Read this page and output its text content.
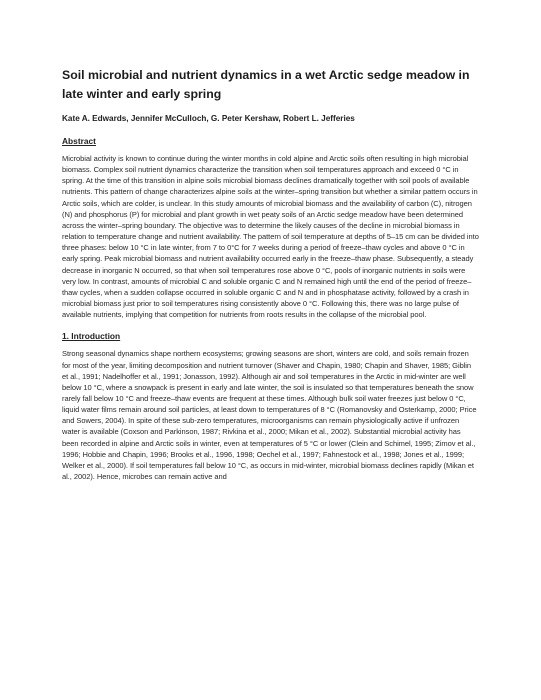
Soil microbial and nutrient dynamics in a wet Arctic sedge meadow in late winter and early spring
Kate A. Edwards, Jennifer McCulloch, G. Peter Kershaw, Robert L. Jefferies
Abstract

Microbial activity is known to continue during the winter months in cold alpine and Arctic soils often resulting in high microbial biomass. Complex soil nutrient dynamics characterize the transition when soil temperatures approach and exceed 0 °C in spring. At the time of this transition in alpine soils microbial biomass declines dramatically together with soil pools of available nutrients. This pattern of change characterizes alpine soils at the winter–spring transition but whether a similar pattern occurs in Arctic soils, which are colder, is unclear. In this study amounts of microbial biomass and the availability of carbon (C), nitrogen (N) and phosphorus (P) for microbial and plant growth in wet peaty soils of an Arctic sedge meadow have been determined across the winter–spring boundary. The objective was to determine the likely causes of the decline in microbial biomass in relation to temperature change and nutrient availability. The pattern of soil temperature at depths of 5–15 cm can be divided into three phases: below 10 °C in late winter, from 7 to 0°C for 7 weeks during a period of freeze–thaw cycles and above 0 °C in early spring. Peak microbial biomass and nutrient availability occurred early in the freeze–thaw phase. Subsequently, a steady decrease in inorganic N occurred, so that when soil temperatures rose above 0 °C, pools of inorganic nutrients in soils were very low. In contrast, amounts of microbial C and soluble organic C and N remained high until the end of the period of freeze–thaw cycles, when a sudden collapse occurred in soluble organic C and N and in phosphatase activity, followed by a crash in microbial biomass just prior to soil temperatures rising consistently above 0 °C. Following this, there was no large pulse of available nutrients, implying that competition for nutrients from roots results in the collapse of the microbial pool.

1. Introduction

Strong seasonal dynamics shape northern ecosystems; growing seasons are short, winters are cold, and soils remain frozen for most of the year, limiting decomposition and nutrient turnover (Shaver and Chapin, 1980; Chapin and Shaver, 1985; Giblin et al., 1991; Nadelhoffer et al., 1991; Jonasson, 1992). Although air and soil temperatures in the Arctic in mid-winter are well below 10 °C, where a snowpack is present in early and late winter, the soil is insulated so that temperatures beneath the snow rarely fall below 10 °C and freeze–thaw events are frequent at these times. Although bulk soil water freezes just below 0 °C, liquid water films remain around soil particles, at least down to temperatures of 8 °C (Romanovsky and Osterkamp, 2000; Price and Sowers, 2004). In spite of these sub-zero temperatures, microorganisms can remain physiologically active if unfrozen water is available (Coxson and Parkinson, 1987; Rivkina et al., 2000; Mikan et al., 2002). Substantial microbial activity has been recorded in alpine and Arctic soils in winter, even at temperatures of 5 °C or lower (Clein and Schimel, 1995; Zimov et al., 1996; Hobbie and Chapin, 1996; Brooks et al., 1996, 1998; Oechel et al., 1997; Fahnestock et al., 1998; Jones et al., 1999; Welker et al., 2000). If soil temperatures fall below 10 °C, as occurs in mid-winter, microbial biomass declines rapidly (Mikan et al., 2002). Hence, microbes can remain active and
